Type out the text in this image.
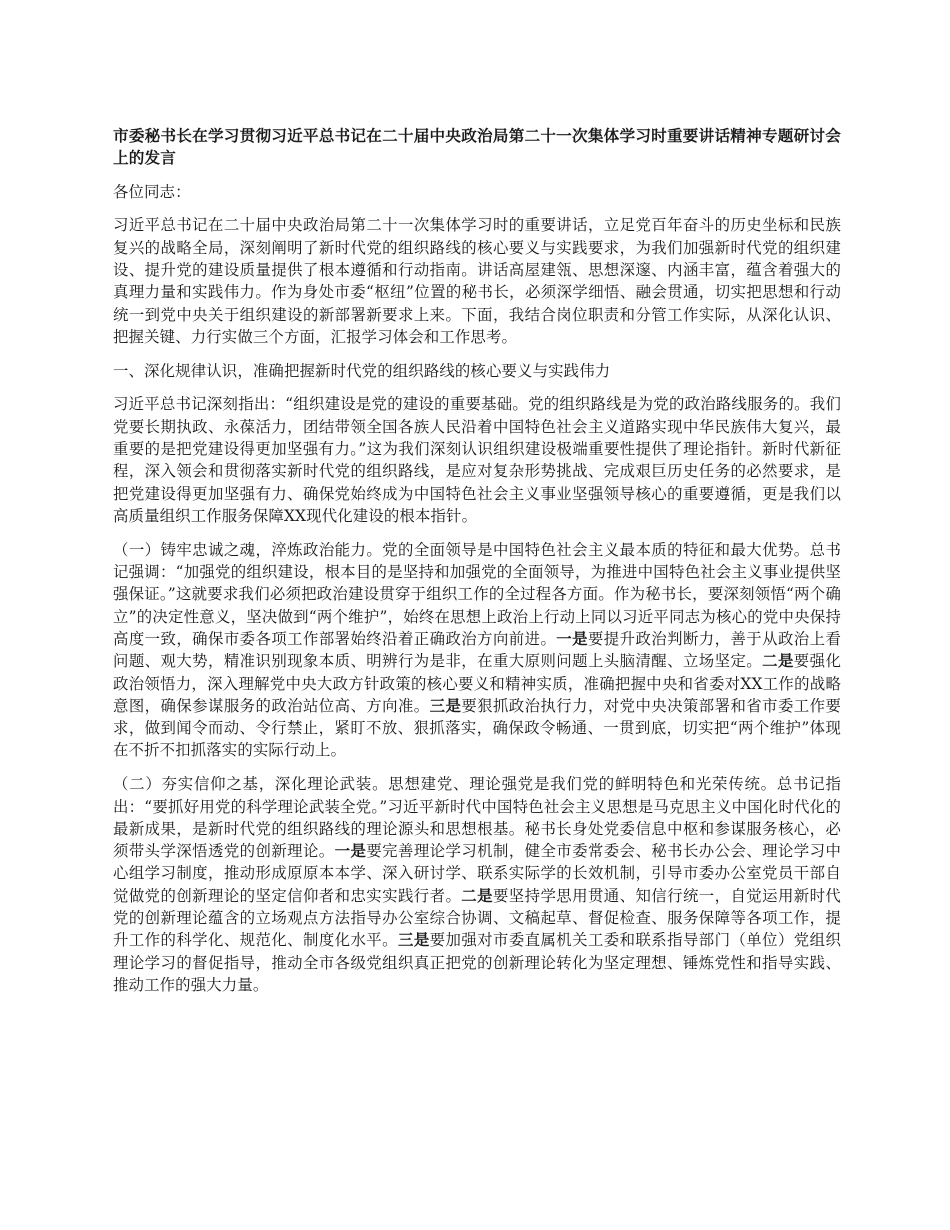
市委秘书长在学习贯彻习近平总书记在二十届中央政治局第二十一次集体学习时重要讲话精神专题研讨会上的发言
各位同志：
习近平总书记在二十届中央政治局第二十一次集体学习时的重要讲话，立足党百年奋斗的历史坐标和民族复兴的战略全局，深刻阐明了新时代党的组织路线的核心要义与实践要求，为我们加强新时代党的组织建设、提升党的建设质量提供了根本遵循和行动指南。讲话高屋建瓴、思想深邃、内涵丰富，蕴含着强大的真理力量和实践伟力。作为身处市委“枢纽”位置的秘书长，必须深学细悟、融会贯通，切实把思想和行动统一到党中央关于组织建设的新部署新要求上来。下面，我结合岗位职责和分管工作实际，从深化认识、把握关键、力行实做三个方面，汇报学习体会和工作思考。
一、深化规律认识，准确把握新时代党的组织路线的核心要义与实践伟力
习近平总书记深刻指出：“组织建设是党的建设的重要基础。党的组织路线是为党的政治路线服务的。我们党要长期执政、永葆活力，团结带领全国各族人民沿着中国特色社会主义道路实现中华民族伟大复兴，最重要的是把党建设得更加坚强有力。”这为我们深刻认识组织建设极端重要性提供了理论指针。新时代新征程，深入领会和贯彻落实新时代党的组织路线，是应对复杂形势挑战、完成艰巨历史任务的必然要求，是把党建设得更加坚强有力、确保党始终成为中国特色社会主义事业坚强领导核心的重要遵循，更是我们以高质量组织工作服务保障XX现代化建设的根本指针。
（一）铸牢忠诚之魂，淬炼政治能力。党的全面领导是中国特色社会主义最本质的特征和最大优势。总书记强调：“加强党的组织建设，根本目的是坚持和加强党的全面领导，为推进中国特色社会主义事业提供坚强保证。”这就要求我们必须把政治建设贯穿于组织工作的全过程各方面。作为秘书长，要深刻领悟“两个确立”的决定性意义，坚决做到“两个维护”，始终在思想上政治上行动上同以习近平同志为核心的党中央保持高度一致，确保市委各项工作部署始终沿着正确政治方向前进。一是要提升政治判断力，善于从政治上看问题、观大势，精准识别现象本质、明辨行为是非，在重大原则问题上头脑清醒、立场坚定。二是要强化政治领悟力，深入理解党中央大政方针政策的核心要义和精神实质，准确把握中央和省委对XX工作的战略意图，确保参谋服务的政治站位高、方向准。三是要狠抓政治执行力，对党中央决策部署和省市委工作要求，做到闻令而动、令行禁止，紧盯不放、狠抓落实，确保政令畅通、一贯到底，切实把“两个维护”体现在不折不扣抓落实的实际行动上。
（二）夯实信仰之基，深化理论武装。思想建党、理论强党是我们党的鲜明特色和光荣传统。总书记指出：“要抓好用党的科学理论武装全党。”习近平新时代中国特色社会主义思想是马克思主义中国化时代化的最新成果，是新时代党的组织路线的理论源头和思想根基。秘书长身处党委信息中枢和参谋服务核心，必须带头学深悟透党的创新理论。一是要完善理论学习机制，健全市委常委会、秘书长办公会、理论学习中心组学习制度，推动形成原原本本学、深入研讨学、联系实际学的长效机制，引导市委办公室党员干部自觉做党的创新理论的坚定信仰者和忠实实践行者。二是要坚持学思用贯通、知信行统一，自觉运用新时代党的创新理论蕴含的立场观点方法指导办公室综合协调、文稿起草、督促检查、服务保障等各项工作，提升工作的科学化、规范化、制度化水平。三是要加强对市委直属机关工委和联系指导部门（单位）党组织理论学习的督促指导，推动全市各级党组织真正把党的创新理论转化为坚定理想、锤炼党性和指导实践、推动工作的强大力量。
